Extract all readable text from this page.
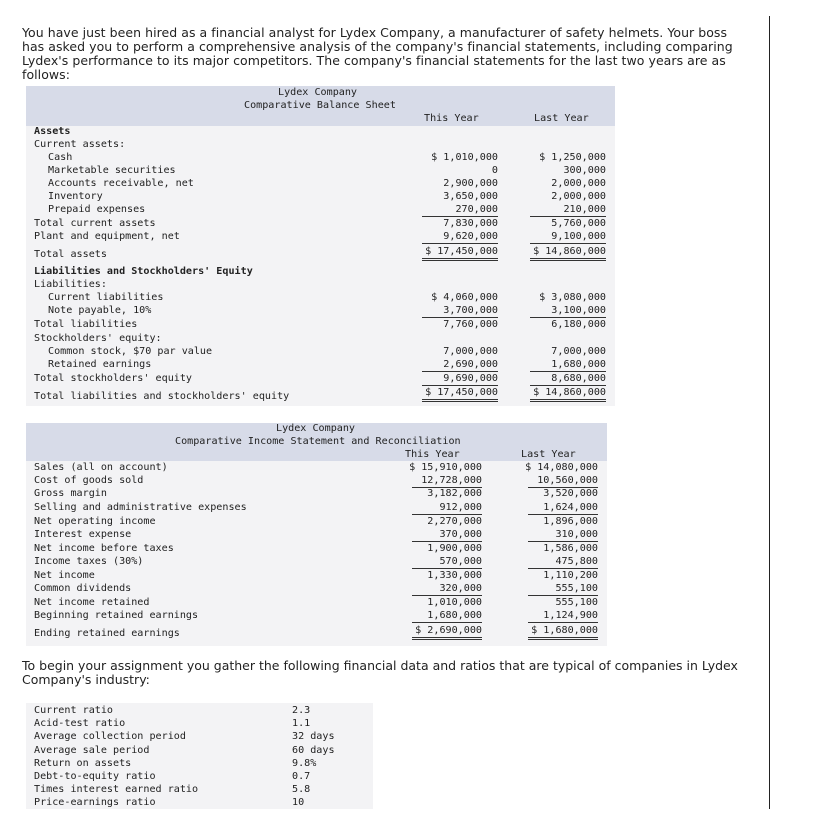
You have just been hired as a financial analyst for Lydex Company, a manufacturer of safety helmets. Your boss has asked you to perform a comprehensive analysis of the company's financial statements, including comparing Lydex's performance to its major competitors. The company's financial statements for the last two years are as follows:
Lydex Company
Comparative Balance Sheet
This Year	Last Year
Assets
Current assets:
Cash	$ 1,010,000	$ 1,250,000
Marketable securities	0	300,000
Accounts receivable, net	2,900,000	2,000,000
Inventory	3,650,000	2,000,000
Prepaid expenses	270,000	210,000
Total current assets	7,830,000	5,760,000
Plant and equipment, net	9,620,000	9,100,000
Total assets	$ 17,450,000	$ 14,860,000
Liabilities and Stockholders' Equity
Liabilities:
Current liabilities	$ 4,060,000	$ 3,080,000
Note payable, 10%	3,700,000	3,100,000
Total liabilities	7,760,000	6,180,000
Stockholders' equity:
Common stock, $70 par value	7,000,000	7,000,000
Retained earnings	2,690,000	1,680,000
Total stockholders' equity	9,690,000	8,680,000
Total liabilities and stockholders' equity	$ 17,450,000	$ 14,860,000
Lydex Company
Comparative Income Statement and Reconciliation
This Year	Last Year
Sales (all on account)	$ 15,910,000	$ 14,080,000
Cost of goods sold	12,728,000	10,560,000
Gross margin	3,182,000	3,520,000
Selling and administrative expenses	912,000	1,624,000
Net operating income	2,270,000	1,896,000
Interest expense	370,000	310,000
Net income before taxes	1,900,000	1,586,000
Income taxes (30%)	570,000	475,800
Net income	1,330,000	1,110,200
Common dividends	320,000	555,100
Net income retained	1,010,000	555,100
Beginning retained earnings	1,680,000	1,124,900
Ending retained earnings	$ 2,690,000	$ 1,680,000
To begin your assignment you gather the following financial data and ratios that are typical of companies in Lydex Company's industry:
Current ratio	2.3
Acid-test ratio	1.1
Average collection period	32 days
Average sale period	60 days
Return on assets	9.8%
Debt-to-equity ratio	0.7
Times interest earned ratio	5.8
Price-earnings ratio	10
